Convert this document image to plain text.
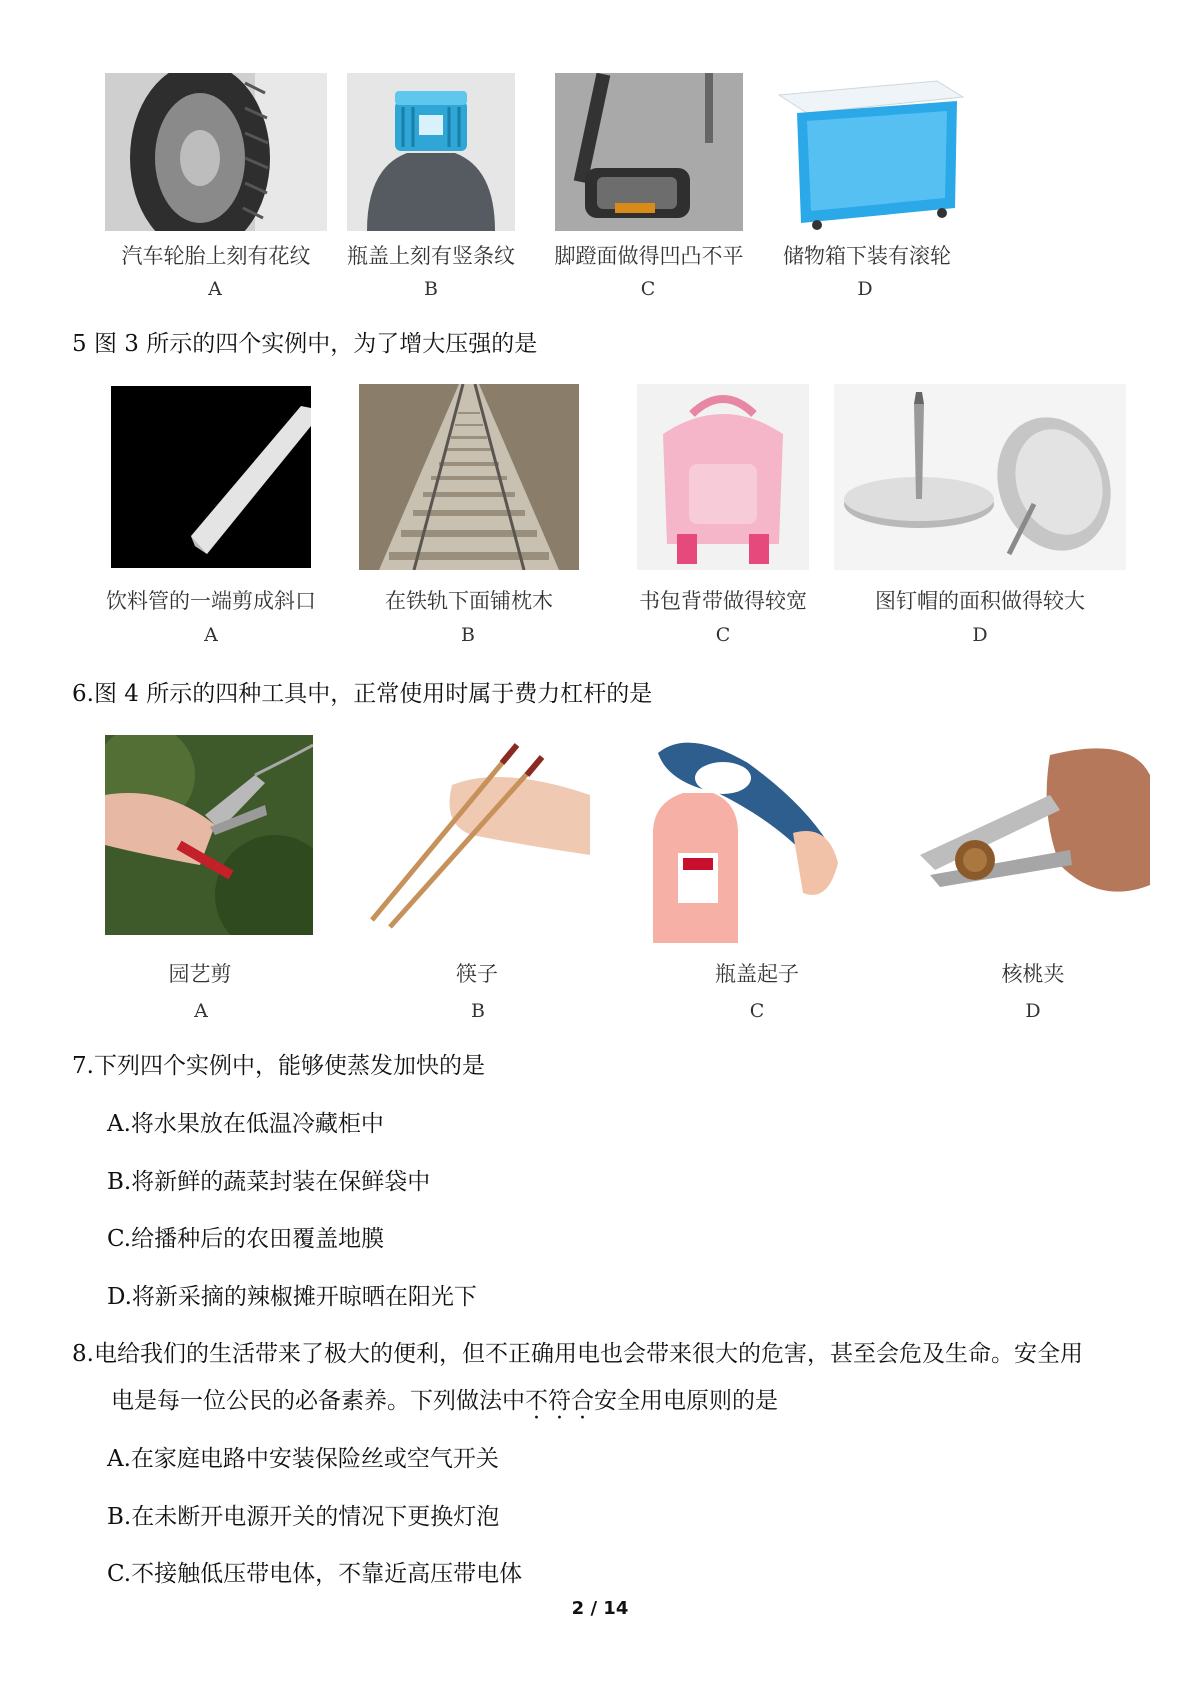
汽车轮胎上刻有花纹	瓶盖上刻有竖条纹	脚蹬面做得凹凸不平	储物箱下装有滚轮
A	B	C	D
5 图 3 所示的四个实例中，为了增大压强的是
饮料管的一端剪成斜口	在铁轨下面铺枕木	书包背带做得较宽	图钉帽的面积做得较大
A	B	C	D
6.图 4 所示的四种工具中，正常使用时属于费力杠杆的是
园艺剪	筷子	瓶盖起子	核桃夹
A	B	C	D
7.下列四个实例中，能够使蒸发加快的是
A.将水果放在低温冷藏柜中
B.将新鲜的蔬菜封装在保鲜袋中
C.给播种后的农田覆盖地膜
D.将新采摘的辣椒摊开晾晒在阳光下
8.电给我们的生活带来了极大的便利，但不正确用电也会带来很大的危害，甚至会危及生命。安全用
电是每一位公民的必备素养。下列做法中不符合安全用电原则的是
A.在家庭电路中安装保险丝或空气开关
B.在未断开电源开关的情况下更换灯泡
C.不接触低压带电体，不靠近高压带电体
2 / 14
